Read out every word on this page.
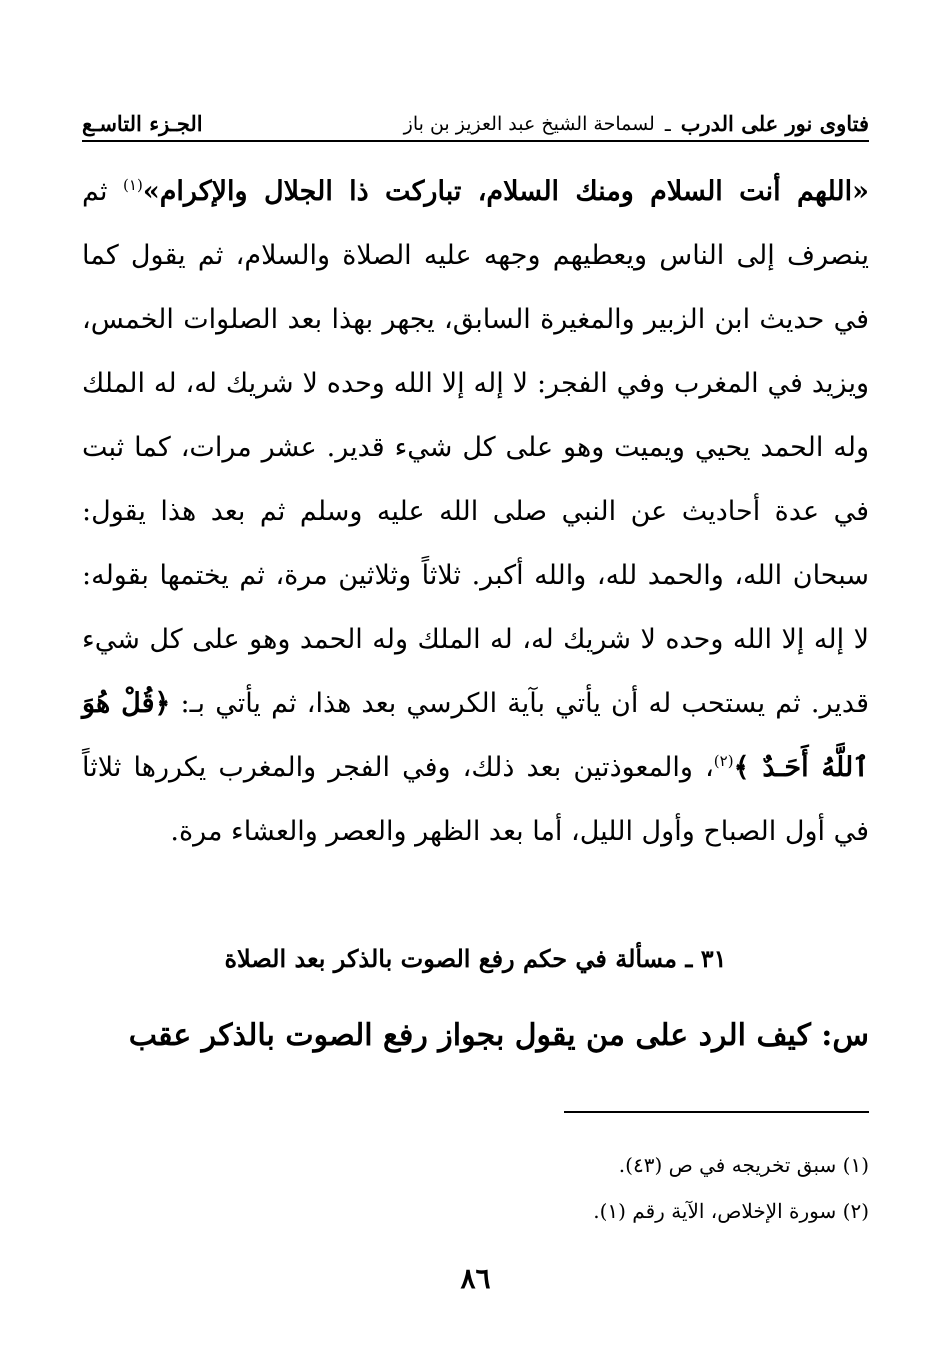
فتاوى نور على الدرب
ـ
لسماحة الشيخ عبد العزيز بن باز
الجـزء التاسـع

«اللهم أنت السلام ومنك السلام، تبارکت ذا الجلال والإکرام»$^{(١)}$ ثم ينصرف إلى الناس ويعطيهم وجهه عليه الصلاة والسلام، ثم يقول كما في حديث ابن الزبير والمغيرة السابق، يجهر بهذا بعد الصلوات الخمس، ويزيد في المغرب وفي الفجر: لا إله إلا الله وحده لا شريك له، له الملك وله الحمد يحيي ويميت وهو على كل شيء قدير. عشر مرات، كما ثبت في عدة أحاديث عن النبي صلى الله عليه وسلم ثم بعد هذا يقول: سبحان الله، والحمد لله، والله أكبر. ثلاثاً وثلاثين مرة، ثم يختمها بقوله: لا إله إلا الله وحده لا شريك له، له الملك وله الحمد وهو على كل شيء قدير. ثم يستحب له أن يأتي بآية الكرسي بعد هذا، ثم يأتي بـ: ﴿قُلْ هُوَ ٱللَّهُ أَحَـدٌ ﴾$^{(٢)}$، والمعوذتين بعد ذلك، وفي الفجر والمغرب يكررها ثلاثاً في أول الصباح وأول الليل، أما بعد الظهر والعصر والعشاء مرة.

٣١ ـ مسألة في حكم رفع الصوت بالذكر بعد الصلاة
س: كيف الرد على من يقول بجواز رفع الصوت بالذكر عقب
(١) سبق تخريجه في ص (٤٣).
(٢) سورة الإخلاص، الآية رقم (١).
٨٦
